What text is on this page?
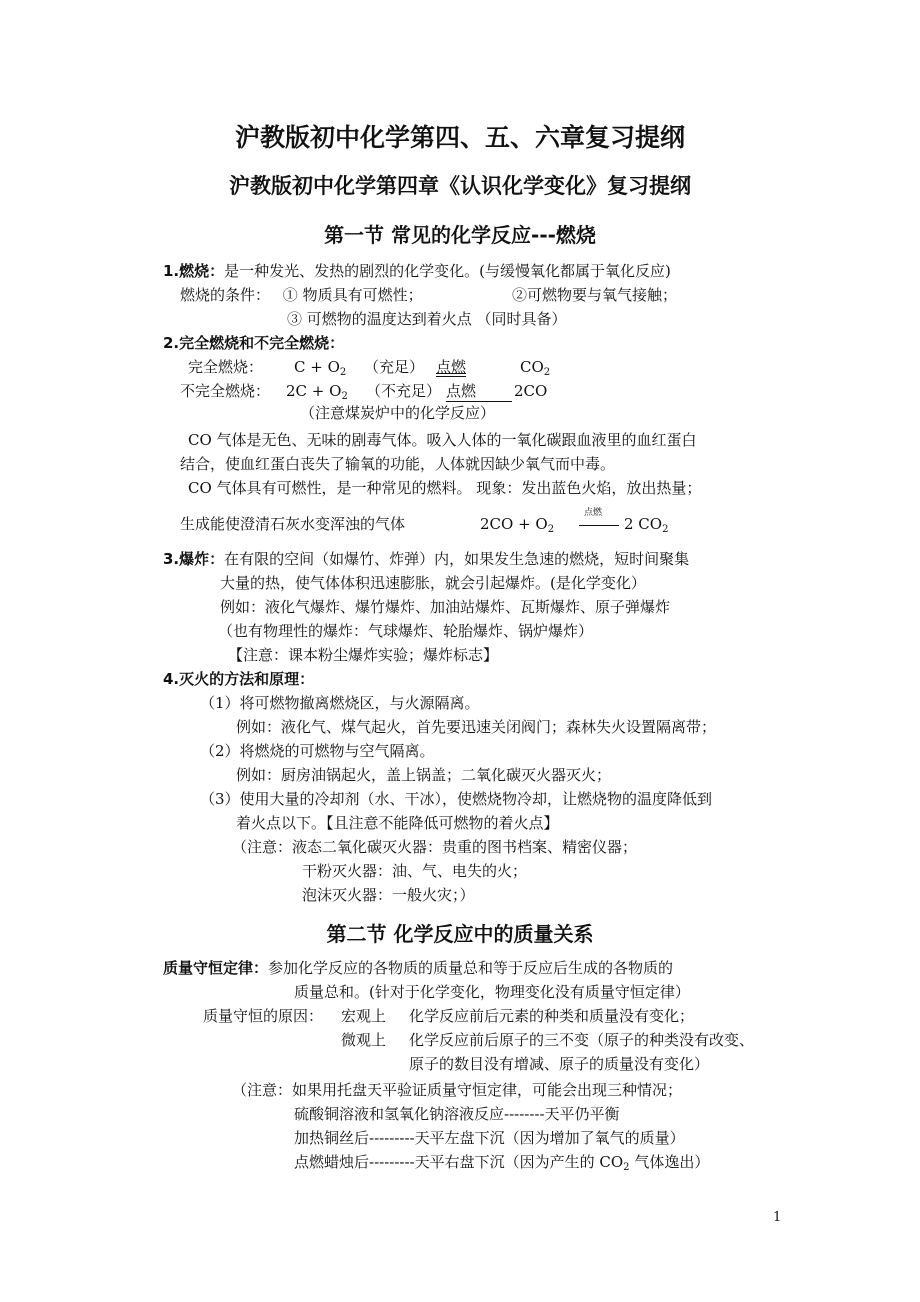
沪教版初中化学第四、五、六章复习提纲
沪教版初中化学第四章《认识化学变化》复习提纲
第一节 常见的化学反应---燃烧
1.燃烧：是一种发光、发热的剧烈的化学变化。(与缓慢氧化都属于氧化反应)
燃烧的条件： ① 物质具有可燃性；	②可燃物要与氧气接触；
③ 可燃物的温度达到着火点 （同时具备）
2.完全燃烧和不完全燃烧：
完全燃烧： $C + O_2$ （充足） 点燃	$CO_2$
不完全燃烧： $2C + O_2$ （不充足） 点燃	2CO
（注意煤炭炉中的化学反应）
CO 气体是无色、无味的剧毒气体。吸入人体的一氧化碳跟血液里的血红蛋白
结合，使血红蛋白丧失了输氧的功能，人体就因缺少氧气而中毒。
CO 气体具有可燃性，是一种常见的燃料。 现象：发出蓝色火焰，放出热量；
生成能使澄清石灰水变浑浊的气体	$2CO + O_2$
点燃
2 $CO_2$
3.爆炸：在有限的空间（如爆竹、炸弹）内，如果发生急速的燃烧，短时间聚集
大量的热，使气体体积迅速膨胀，就会引起爆炸。(是化学变化）
例如：液化气爆炸、爆竹爆炸、加油站爆炸、瓦斯爆炸、原子弹爆炸
（也有物理性的爆炸：气球爆炸、轮胎爆炸、锅炉爆炸）
【注意：课本粉尘爆炸实验；爆炸标志】
4.灭火的方法和原理：
（1）将可燃物撤离燃烧区，与火源隔离。
例如：液化气、煤气起火，首先要迅速关闭阀门；森林失火设置隔离带；
（2）将燃烧的可燃物与空气隔离。
例如：厨房油锅起火，盖上锅盖；二氧化碳灭火器灭火；
（3）使用大量的冷却剂（水、干冰），使燃烧物冷却，让燃烧物的温度降低到
着火点以下。【且注意不能降低可燃物的着火点】
（注意：液态二氧化碳灭火器：贵重的图书档案、精密仪器；
干粉灭火器：油、气、电失的火；
泡沫灭火器：一般火灾；）
第二节 化学反应中的质量关系
质量守恒定律：参加化学反应的各物质的质量总和等于反应后生成的各物质的
质量总和。(针对于化学变化，物理变化没有质量守恒定律）
质量守恒的原因： 宏观上 化学反应前后元素的种类和质量没有变化；
微观上 化学反应前后原子的三不变（原子的种类没有改变、
原子的数目没有增减、原子的质量没有变化）
（注意：如果用托盘天平验证质量守恒定律，可能会出现三种情况；
硫酸铜溶液和氢氧化钠溶液反应--------天平仍平衡
加热铜丝后---------天平左盘下沉（因为增加了氧气的质量）
点燃蜡烛后---------天平右盘下沉（因为产生的 $CO_2$ 气体逸出）
1
